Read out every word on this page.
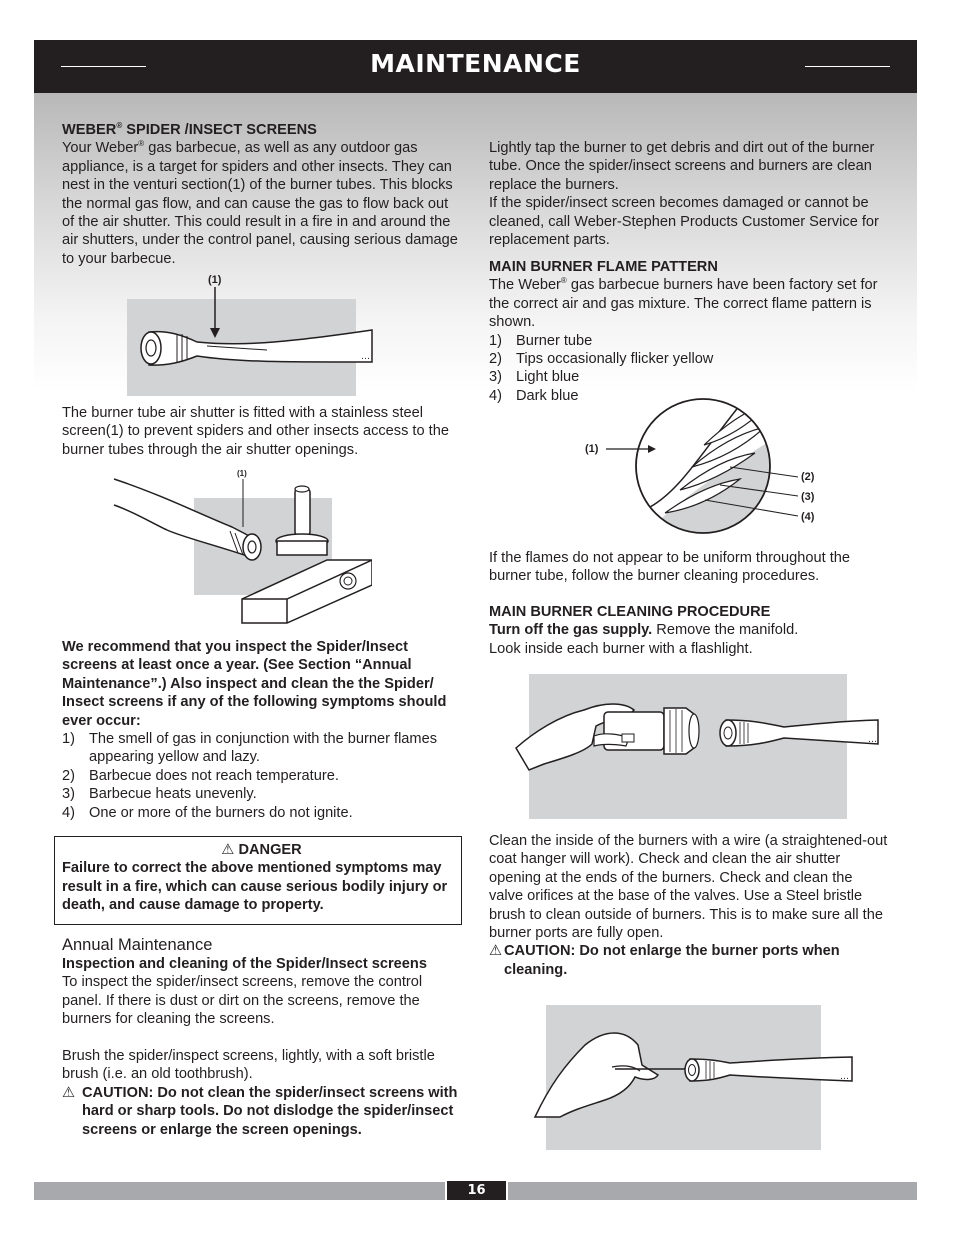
MAINTENANCE
WEBER® SPIDER /INSECT SCREENS

Your Weber® gas barbecue, as well as any outdoor gas appliance, is a target for spiders and other insects. They can nest in the venturi section(1) of the burner tubes. This blocks the normal gas flow, and can cause the gas to flow back out of the air shutter. This could result in a fire in and around the air shutters, under the control panel, causing serious damage to your barbecue.

(1)
…

The burner tube air shutter is fitted with a stainless steel screen(1) to prevent spiders and other insects access to the burner tubes through the air shutter openings.

(1)

We recommend that you inspect the Spider/Insect screens at least once a year. (See Section “Annual Maintenance”.) Also inspect and clean the the Spider/ Insect screens if any of the following symptoms should ever occur:

1) The smell of gas in conjunction with the burner flames appearing yellow and lazy.
2) Barbecue does not reach temperature.
3) Barbecue heats unevenly.
4) One or more of the burners do not ignite.
⚠ DANGER

Failure to correct the above mentioned symptoms may result in a fire, which can cause serious bodily injury or death, and cause damage to property.

Annual Maintenance

Inspection and cleaning of the Spider/Insect screens

To inspect the spider/insect screens, remove the control panel. If there is dust or dirt on the screens, remove the burners for cleaning the screens.

Brush the spider/inspect screens, lightly, with a soft bristle brush (i.e. an old toothbrush).

⚠ CAUTION: Do not clean the spider/insect screens with hard or sharp tools. Do not dislodge the spider/insect screens or enlarge the screen openings.

Lightly tap the burner to get debris and dirt out of the burner tube. Once the spider/insect screens and burners are clean replace the burners.

If the spider/insect screen becomes damaged or cannot be cleaned, call Weber-Stephen Products Customer Service for replacement parts.

MAIN BURNER FLAME PATTERN

The Weber® gas barbecue burners have been factory set for the correct air and gas mixture. The correct flame pattern is shown.

1) Burner tube
2) Tips occasionally flicker yellow
3) Light blue
4) Dark blue
(1)
(2)
(3)
(4)

If the flames do not appear to be uniform throughout the burner tube, follow the burner cleaning procedures.

MAIN BURNER CLEANING PROCEDURE

Turn off the gas supply. Remove the manifold.

Look inside each burner with a flashlight.

…

Clean the inside of the burners with a wire (a straightened-out coat hanger will work). Check and clean the air shutter opening at the ends of the burners. Check and clean the valve orifices at the base of the valves. Use a Steel bristle brush to clean outside of burners. This is to make sure all the burner ports are fully open.

⚠ CAUTION: Do not enlarge the burner ports when cleaning.
…
16
